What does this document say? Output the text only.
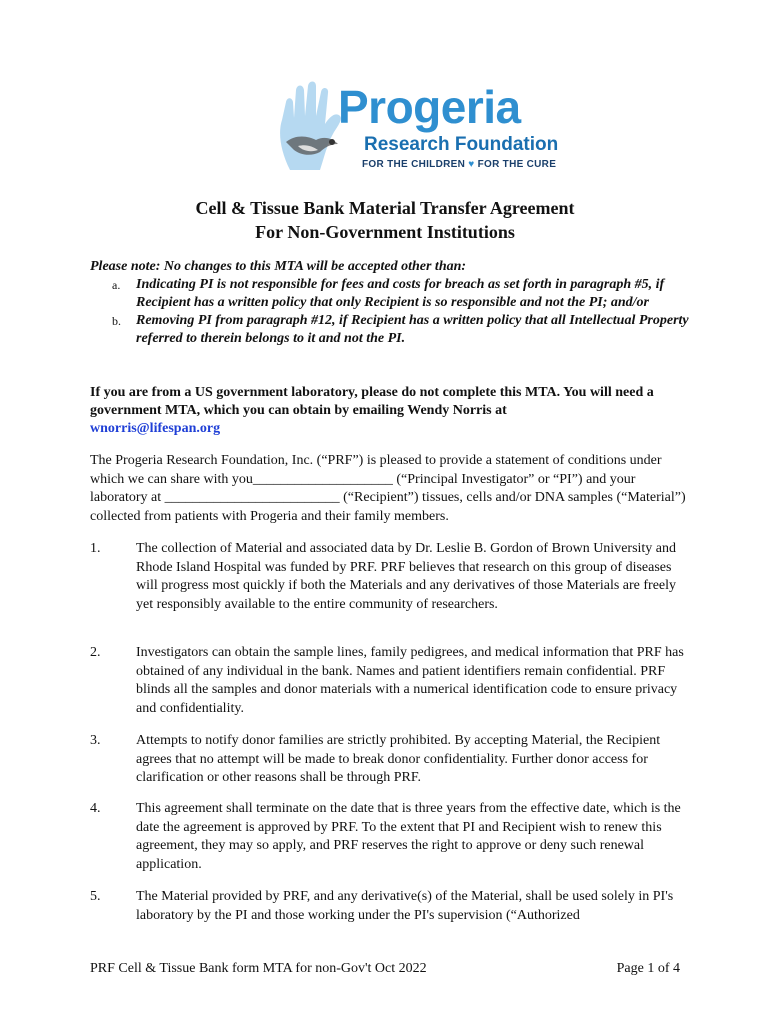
Progeria
Research Foundation
FOR THE CHILDREN ♥ FOR THE CURE
Cell & Tissue Bank Material Transfer Agreement
For Non-Government Institutions
Please note: No changes to this MTA will be accepted other than:
a. Indicating PI is not responsible for fees and costs for breach as set forth in paragraph #5, if Recipient has a written policy that only Recipient is so responsible and not the PI; and/or
b. Removing PI from paragraph #12, if Recipient has a written policy that all Intellectual Property referred to therein belongs to it and not the PI.
If you are from a US government laboratory, please do not complete this MTA. You will need a government MTA, which you can obtain by emailing Wendy Norris at
wnorris@lifespan.org
The Progeria Research Foundation, Inc. (“PRF”) is pleased to provide a statement of conditions under which we can share with you____________________ (“Principal Investigator” or “PI”) and your laboratory at _________________________ (“Recipient”) tissues, cells and/or DNA samples (“Material”) collected from patients with Progeria and their family members.
1.	The collection of Material and associated data by Dr. Leslie B. Gordon of Brown University and Rhode Island Hospital was funded by PRF. PRF believes that research on this group of diseases will progress most quickly if both the Materials and any derivatives of those Materials are freely yet responsibly available to the entire community of researchers.
2.	Investigators can obtain the sample lines, family pedigrees, and medical information that PRF has obtained of any individual in the bank. Names and patient identifiers remain confidential. PRF blinds all the samples and donor materials with a numerical identification code to ensure privacy and confidentiality.
3.	Attempts to notify donor families are strictly prohibited. By accepting Material, the Recipient agrees that no attempt will be made to break donor confidentiality. Further donor access for clarification or other reasons shall be through PRF.
4.	This agreement shall terminate on the date that is three years from the effective date, which is the date the agreement is approved by PRF. To the extent that PI and Recipient wish to renew this agreement, they may so apply, and PRF reserves the right to approve or deny such renewal application.
5.	The Material provided by PRF, and any derivative(s) of the Material, shall be used solely in PI's laboratory by the PI and those working under the PI's supervision (“Authorized
PRF Cell & Tissue Bank form MTA for non-Gov't Oct 2022	Page 1 of 4
